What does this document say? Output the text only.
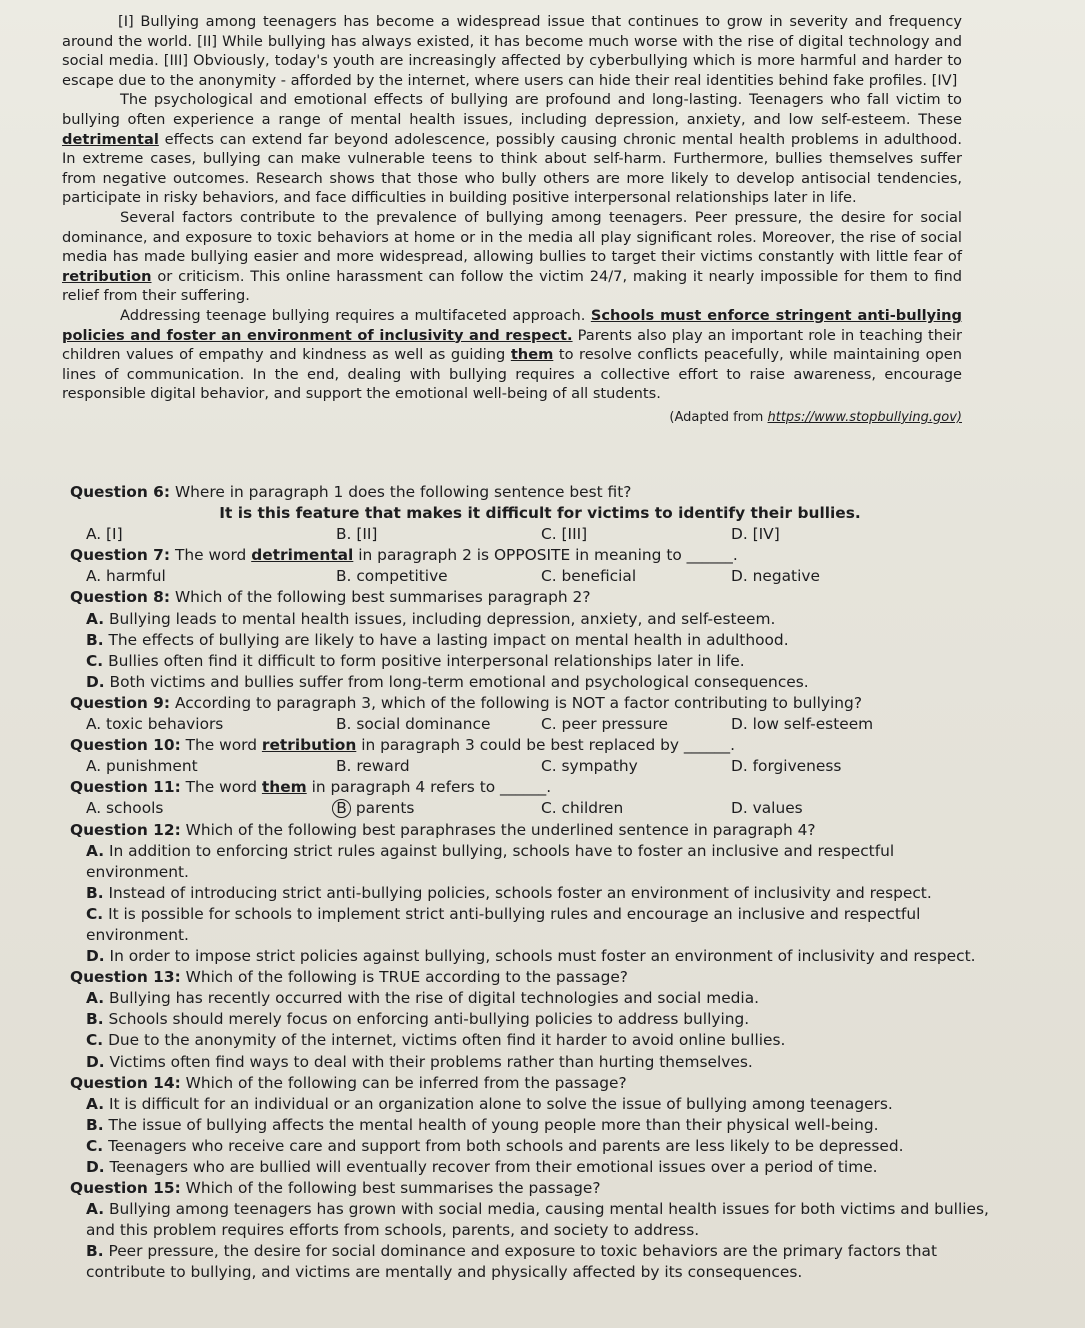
[I] Bullying among teenagers has become a widespread issue that continues to grow in severity and frequency around the world. [II] While bullying has always existed, it has become much worse with the rise of digital technology and social media. [III] Obviously, today's youth are increasingly affected by cyberbullying which is more harmful and harder to escape due to the anonymity - afforded by the internet, where users can hide their real identities behind fake profiles. [IV]

The psychological and emotional effects of bullying are profound and long-lasting. Teenagers who fall victim to bullying often experience a range of mental health issues, including depression, anxiety, and low self-esteem. These detrimental effects can extend far beyond adolescence, possibly causing chronic mental health problems in adulthood. In extreme cases, bullying can make vulnerable teens to think about self-harm. Furthermore, bullies themselves suffer from negative outcomes. Research shows that those who bully others are more likely to develop antisocial tendencies, participate in risky behaviors, and face difficulties in building positive interpersonal relationships later in life.

Several factors contribute to the prevalence of bullying among teenagers. Peer pressure, the desire for social dominance, and exposure to toxic behaviors at home or in the media all play significant roles. Moreover, the rise of social media has made bullying easier and more widespread, allowing bullies to target their victims constantly with little fear of retribution or criticism. This online harassment can follow the victim 24/7, making it nearly impossible for them to find relief from their suffering.

Addressing teenage bullying requires a multifaceted approach. Schools must enforce stringent anti-bullying policies and foster an environment of inclusivity and respect. Parents also play an important role in teaching their children values of empathy and kindness as well as guiding them to resolve conflicts peacefully, while maintaining open lines of communication. In the end, dealing with bullying requires a collective effort to raise awareness, encourage responsible digital behavior, and support the emotional well-being of all students.

(Adapted from https://www.stopbullying.gov)
Question 6: Where in paragraph 1 does the following sentence best fit?
It is this feature that makes it difficult for victims to identify their bullies.
A. [I]	B. [II]	C. [III]	D. [IV]
Question 7: The word detrimental in paragraph 2 is OPPOSITE in meaning to ______.
A. harmful	B. competitive	C. beneficial	D. negative
Question 8: Which of the following best summarises paragraph 2?
A. Bullying leads to mental health issues, including depression, anxiety, and self-esteem.
B. The effects of bullying are likely to have a lasting impact on mental health in adulthood.
C. Bullies often find it difficult to form positive interpersonal relationships later in life.
D. Both victims and bullies suffer from long-term emotional and psychological consequences.
Question 9: According to paragraph 3, which of the following is NOT a factor contributing to bullying?
A. toxic behaviors	B. social dominance	C. peer pressure	D. low self-esteem
Question 10: The word retribution in paragraph 3 could be best replaced by ______.
A. punishment	B. reward	C. sympathy	D. forgiveness
Question 11: The word them in paragraph 4 refers to ______.
A. schools	B parents	C. children	D. values
Question 12: Which of the following best paraphrases the underlined sentence in paragraph 4?
A. In addition to enforcing strict rules against bullying, schools have to foster an inclusive and respectful environment.
B. Instead of introducing strict anti-bullying policies, schools foster an environment of inclusivity and respect.
C. It is possible for schools to implement strict anti-bullying rules and encourage an inclusive and respectful environment.
D. In order to impose strict policies against bullying, schools must foster an environment of inclusivity and respect.
Question 13: Which of the following is TRUE according to the passage?
A. Bullying has recently occurred with the rise of digital technologies and social media.
B. Schools should merely focus on enforcing anti-bullying policies to address bullying.
C. Due to the anonymity of the internet, victims often find it harder to avoid online bullies.
D. Victims often find ways to deal with their problems rather than hurting themselves.
Question 14: Which of the following can be inferred from the passage?
A. It is difficult for an individual or an organization alone to solve the issue of bullying among teenagers.
B. The issue of bullying affects the mental health of young people more than their physical well-being.
C. Teenagers who receive care and support from both schools and parents are less likely to be depressed.
D. Teenagers who are bullied will eventually recover from their emotional issues over a period of time.
Question 15: Which of the following best summarises the passage?
A. Bullying among teenagers has grown with social media, causing mental health issues for both victims and bullies, and this problem requires efforts from schools, parents, and society to address.
B. Peer pressure, the desire for social dominance and exposure to toxic behaviors are the primary factors that contribute to bullying, and victims are mentally and physically affected by its consequences.
